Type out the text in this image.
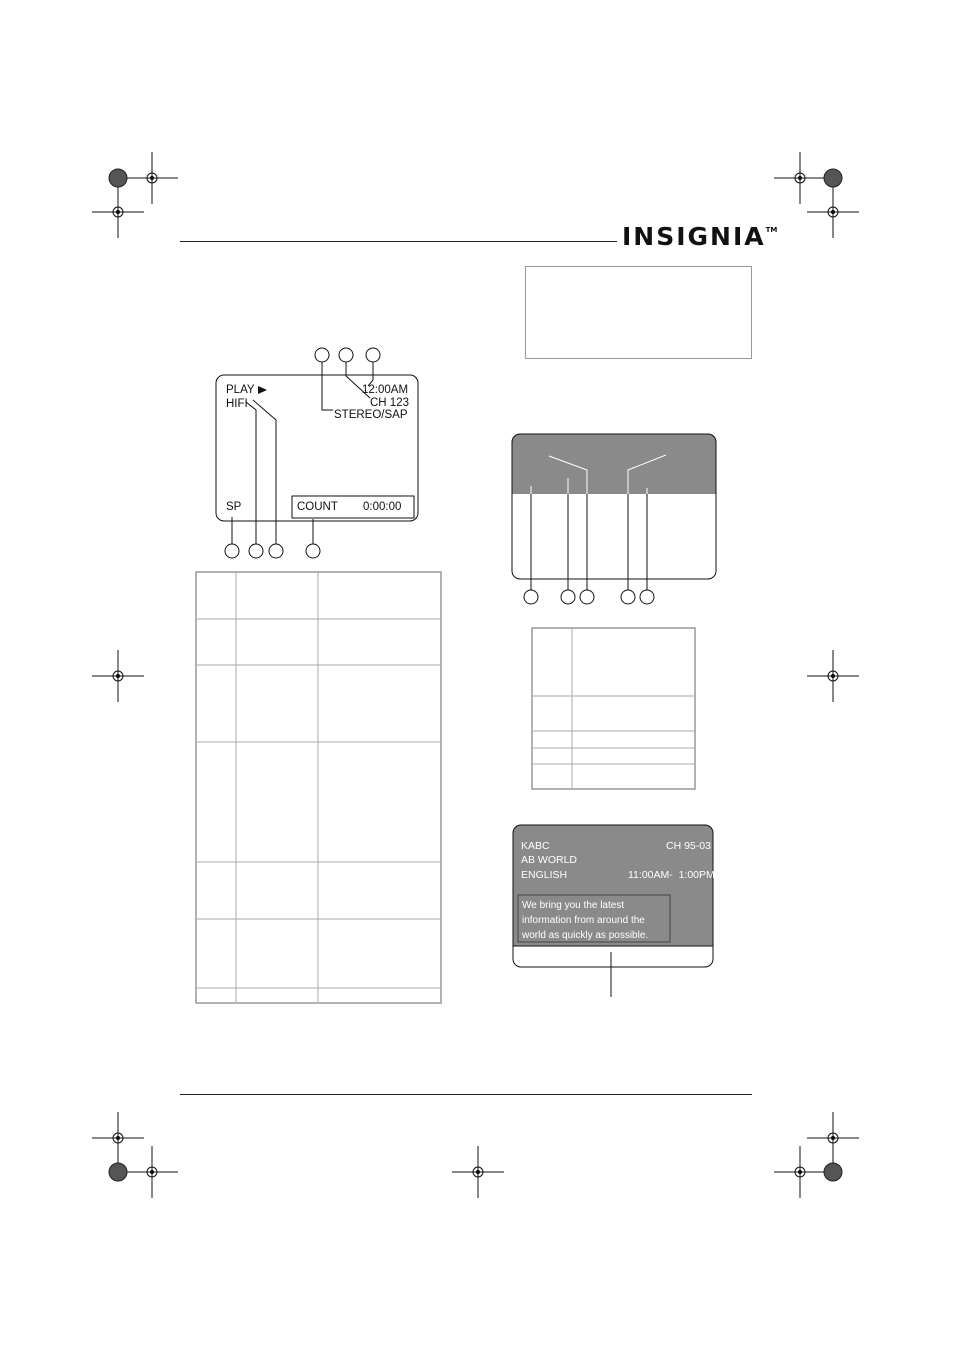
INSIGNIA™
PLAY
HIFI
12:00AM
CH 123
STEREO/SAP
SP	COUNT 0:00:00
KABC	CH 95-03
AB WORLD
ENGLISH	11:00AM-  1:00PM
We bring you the latest information from around the world as quickly as possible.
